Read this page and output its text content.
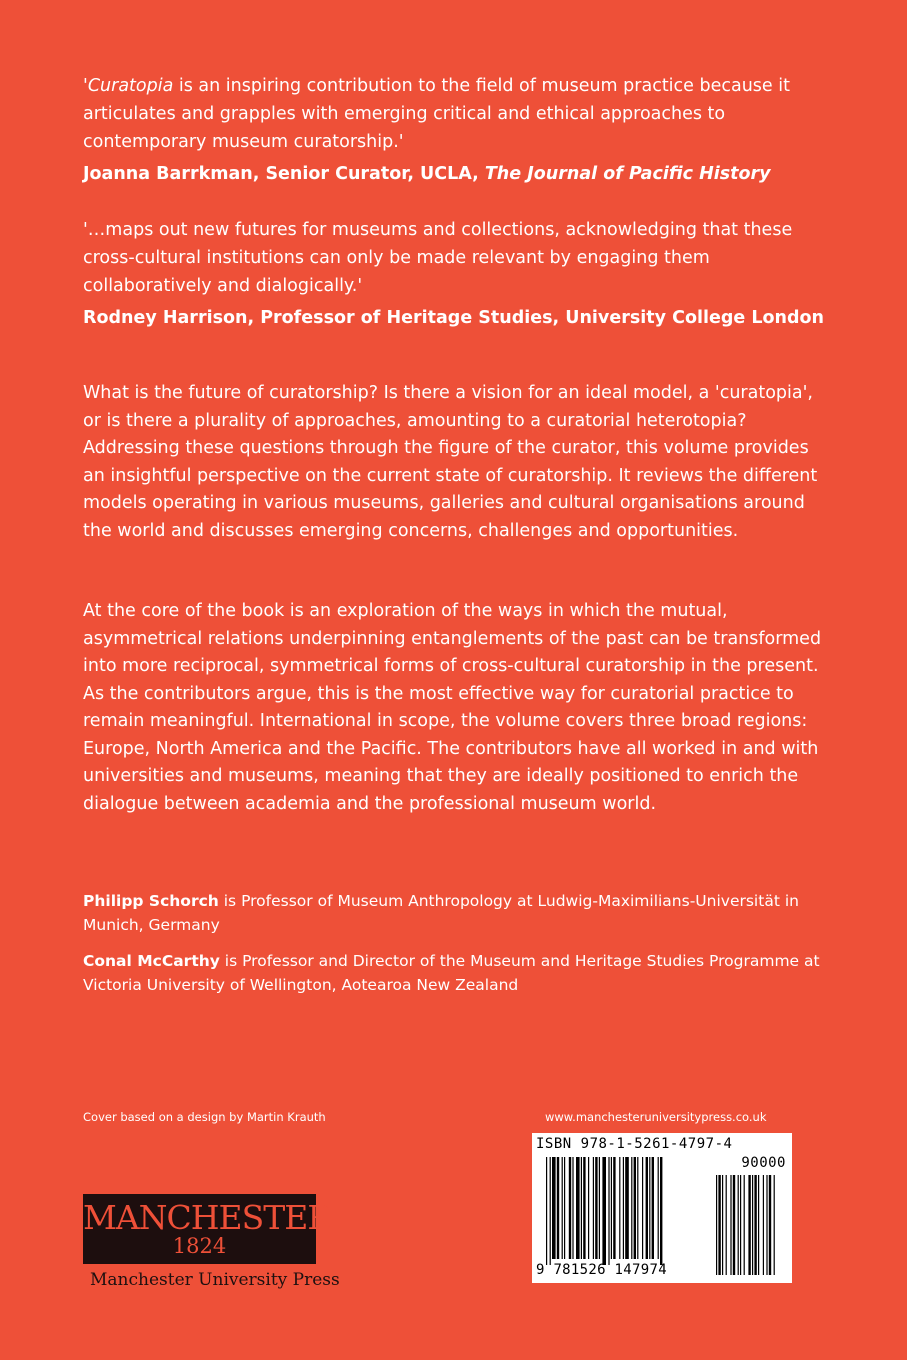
'Curatopia is an inspiring contribution to the field of museum practice because it articulates and grapples with emerging critical and ethical approaches to contemporary museum curatorship.'

Joanna Barrkman, Senior Curator, UCLA, The Journal of Pacific History

'…maps out new futures for museums and collections, acknowledging that these cross-cultural institutions can only be made relevant by engaging them collaboratively and dialogically.'

Rodney Harrison, Professor of Heritage Studies, University College London

What is the future of curatorship? Is there a vision for an ideal model, a 'curatopia', or is there a plurality of approaches, amounting to a curatorial heterotopia? Addressing these questions through the figure of the curator, this volume provides an insightful perspective on the current state of curatorship. It reviews the different models operating in various museums, galleries and cultural organisations around the world and discusses emerging concerns, challenges and opportunities.

At the core of the book is an exploration of the ways in which the mutual, asymmetrical relations underpinning entanglements of the past can be transformed into more reciprocal, symmetrical forms of cross-cultural curatorship in the present. As the contributors argue, this is the most effective way for curatorial practice to remain meaningful. International in scope, the volume covers three broad regions: Europe, North America and the Pacific. The contributors have all worked in and with universities and museums, meaning that they are ideally positioned to enrich the dialogue between academia and the professional museum world.

Philipp Schorch is Professor of Museum Anthropology at Ludwig-Maximilians-Universität in Munich, Germany

Conal McCarthy is Professor and Director of the Museum and Heritage Studies Programme at Victoria University of Wellington, Aotearoa New Zealand

Cover based on a design by Martin Krauth	www.manchesteruniversitypress.co.uk
MANCHESTER
1824
Manchester University Press
ISBN 978-1-5261-4797-4
90000
9 781526 147974
